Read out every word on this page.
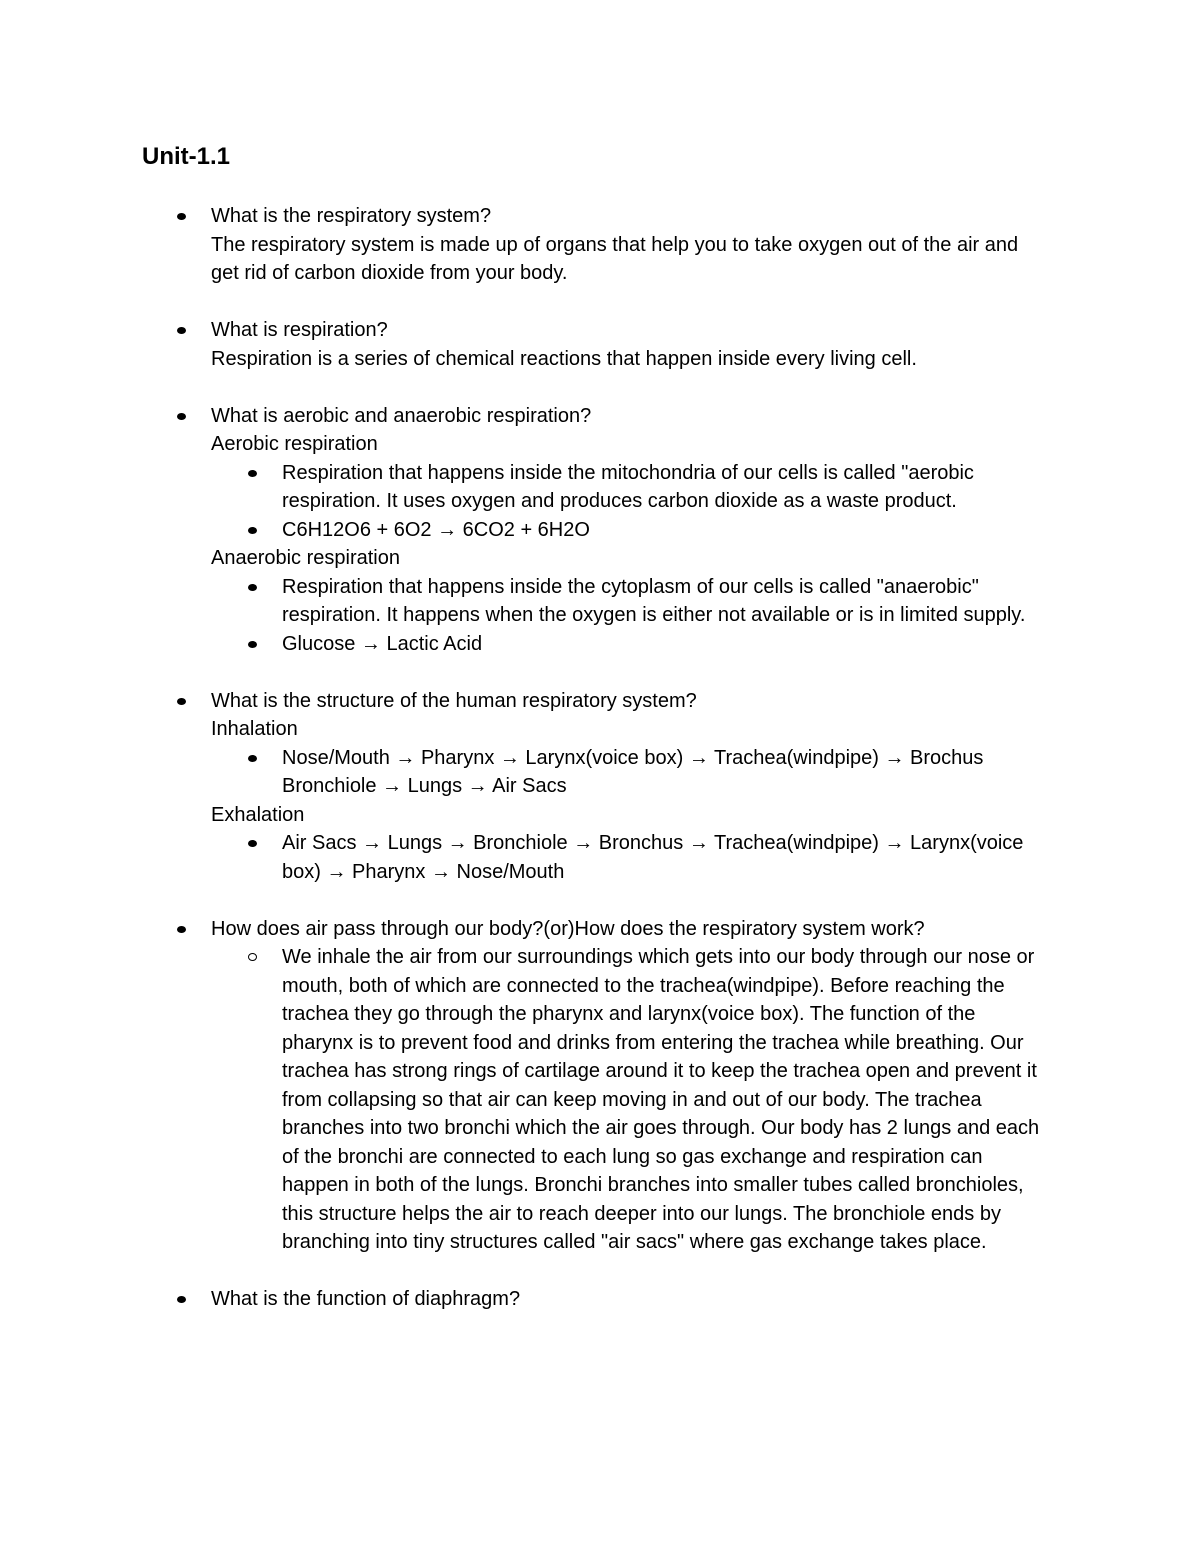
Unit-1.1
What is the respiratory system?
The respiratory system is made up of organs that help you to take oxygen out of the air and get rid of carbon dioxide from your body.
What is respiration?
Respiration is a series of chemical reactions that happen inside every living cell.
What is aerobic and anaerobic respiration?
Aerobic respiration
Respiration that happens inside the mitochondria of our cells is called "aerobic respiration. It uses oxygen and produces carbon dioxide as a waste product.
C6H12O6 + 6O2 → 6CO2 + 6H2O
Anaerobic respiration
Respiration that happens inside the cytoplasm of our cells is called "anaerobic" respiration. It happens when the oxygen is either not available or is in limited supply.
Glucose → Lactic Acid
What is the structure of the human respiratory system?
Inhalation
Nose/Mouth → Pharynx → Larynx(voice box) → Trachea(windpipe) → Brochus Bronchiole → Lungs → Air Sacs
Exhalation
Air Sacs → Lungs → Bronchiole → Bronchus → Trachea(windpipe) → Larynx(voice box) → Pharynx → Nose/Mouth
How does air pass through our body?(or)How does the respiratory system work?
We inhale the air from our surroundings which gets into our body through our nose or mouth, both of which are connected to the trachea(windpipe). Before reaching the trachea they go through the pharynx and larynx(voice box). The function of the pharynx is to prevent food and drinks from entering the trachea while breathing. Our trachea has strong rings of cartilage around it to keep the trachea open and prevent it from collapsing so that air can keep moving in and out of our body. The trachea branches into two bronchi which the air goes through. Our body has 2 lungs and each of the bronchi are connected to each lung so gas exchange and respiration can happen in both of the lungs. Bronchi branches into smaller tubes called bronchioles, this structure helps the air to reach deeper into our lungs. The bronchiole ends by branching into tiny structures called "air sacs" where gas exchange takes place.
What is the function of diaphragm?
